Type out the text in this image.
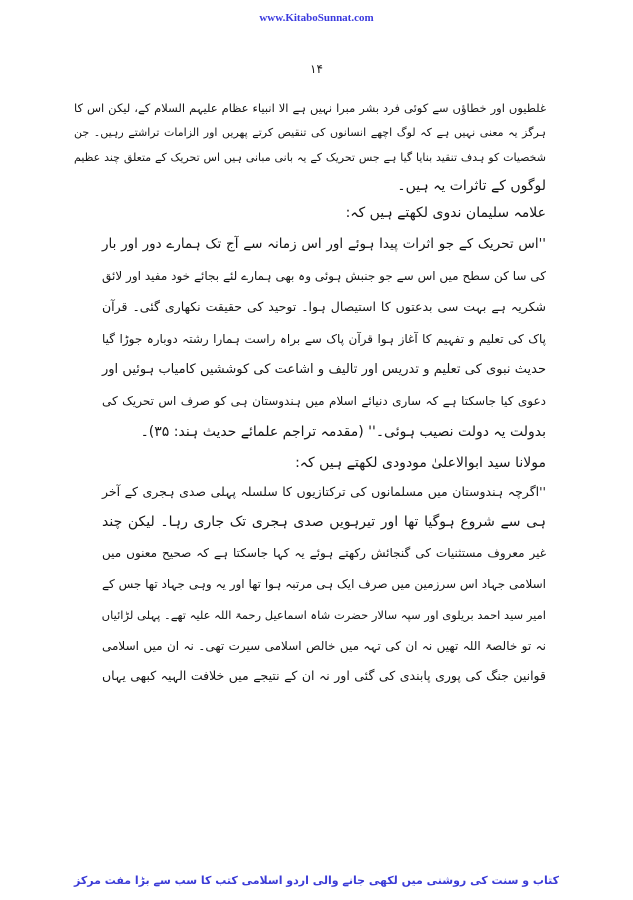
www.KitaboSunnat.com
۱۴
غلطیوں اور خطاؤں سے کوئی فرد بشر مبرا نہیں ہے الا انبیاء عظام علیہم السلام کے، لیکن اس کا
ہرگز یہ معنی نہیں ہے کہ لوگ اچھے انسانوں کی تنقیص کرتے پھریں اور الزامات تراشتے رہیں۔ جن
شخصیات کو ہدف تنقید بنایا گیا ہے جس تحریک کے یہ بانی مبانی ہیں اس تحریک کے متعلق چند عظیم
لوگوں کے تاثرات یہ ہیں۔
علامہ سلیمان ندوی لکھتے ہیں کہ:
''اس تحریک کے جو اثرات پیدا ہوئے اور اس زمانہ سے آج تک ہمارے دور اور بار
کی سا کن سطح میں اس سے جو جنبش ہوئی وہ بھی ہمارے لئے بجائے خود مفید اور لائق
شکریہ ہے بہت سی بدعتوں کا استیصال ہوا۔ توحید کی حقیقت نکھاری گئی۔ قرآن
پاک کی تعلیم و تفہیم کا آغاز ہوا قرآن پاک سے براہ راست ہمارا رشتہ دوبارہ جوڑا گیا
حدیث نبوی کی تعلیم و تدریس اور تالیف و اشاعت کی کوششیں کامیاب ہوئیں اور
دعوی کیا جاسکتا ہے کہ ساری دنیائے اسلام میں ہندوستان ہی کو صرف اس تحریک کی
بدولت یہ دولت نصیب ہوئی۔'' (مقدمہ تراجم علمائے حدیث ہند: ۳۵)۔
مولانا سید ابوالاعلیٰ مودودی لکھتے ہیں کہ:
''اگرچہ ہندوستان میں مسلمانوں کی ترکتازیوں کا سلسلہ پہلی صدی ہجری کے آخر
ہی سے شروع ہوگیا تھا اور تیرہویں صدی ہجری تک جاری رہا۔ لیکن چند
غیر معروف مستثنیات کی گنجائش رکھتے ہوئے یہ کہا جاسکتا ہے کہ صحیح معنوں میں
اسلامی جہاد اس سرزمین میں صرف ایک ہی مرتبہ ہوا تھا اور یہ وہی جہاد تھا جس کے
امیر سید احمد بریلوی اور سپہ سالار حضرت شاہ اسماعیل رحمۃ اللہ علیہ تھے۔ پہلی لڑائیاں
نہ تو خالصۃ اللہ تھیں نہ ان کی تہہ میں خالص اسلامی سیرت تھی۔ نہ ان میں اسلامی
قوانین جنگ کی پوری پابندی کی گئی اور نہ ان کے نتیجے میں خلافت الہیہ کبھی یہاں
کتاب و سنت کی روشنی میں لکھی جانے والی اردو اسلامی کتب کا سب سے بڑا مفت مرکز
